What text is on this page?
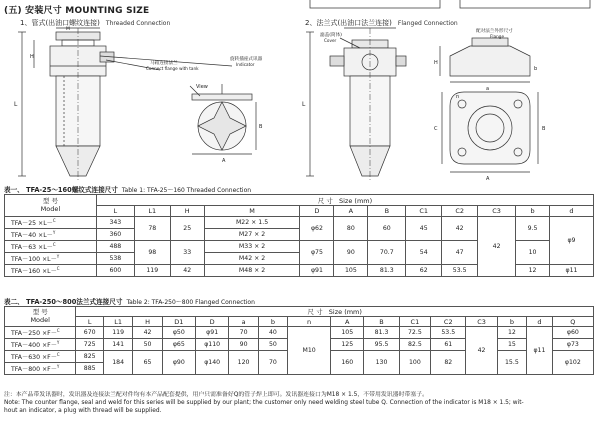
(五) 安装尺寸 MOUNTING SIZE
1、管式(出油口螺纹连接) Threaded Connection	2、法兰式(出油口法兰连接) Flanged Connection
L
H
A
B
M
马箱连接法兰
Connect flange with tank
旋转插座式讯器
Indicator
View
L
H
A
B
C
a
b
n
滤盖(筒体)
Cover
配对法兰外形尺寸
Flange
表一、 TFA-25～160螺纹式连接尺寸 Table 1: TFA-25～160 Threaded Connection
型 号
Model	尺 寸 Size (mm)											
	L	L1	H	M	D	A	B	C1	C2	C3	b	d
TFA－25 ×L－$^C$	343	78	25	M22 × 1.5	φ62	80	60	45	42	42	9.5	φ9
TFA－40 ×L－$^Y$	360			M27 × 2								
TFA－63 ×L－$^C$	488	98	33	M33 × 2	φ75	90	70.7	54	47		10	
TFA－100 ×L－$^Y$	538			M42 × 2								
TFA－160 ×L－$^C$	600	119	42	M48 × 2	φ91	105	81.3	62	53.5		12	φ11
表二、 TFA-250～800法兰式连接尺寸 Table 2: TFA-250～800 Flanged Connection
型 号
Model	尺 寸 Size (mm)															
	L	L1	H	D1	D	a	b	n	A	B	C1	C2	C3	b	d	Q
TFA－250 ×F－$^C$	670	119	42	φ50	φ91	70	40	M10	105	81.3	72.5	53.5	42	12	φ11	φ60
TFA－400 ×F－$^Y$	725	141	50	φ65	φ110	90	50		125	95.5	82.5	61		15		φ73
TFA－630 ×F－$^C$	825	184	65	φ90	φ140	120	70		160	130	100	82		15.5		φ102
TFA－800 ×F－$^Y$	885															
注：本产品带发讯器时，发讯器及连接法兰配对件均有本产品配套提供，用户只需准备好Q的管子焊上即可。发讯器连接口为M18 × 1.5，不带用发讯器时带塞子。
Note: The counter flange, seal and weld for this series will be supplied by our plant; the customer only need welding steel tube Q. Connection of the indicator is M18 × 1.5; wit-
hout an indicator, a plug with thread will be supplied.
